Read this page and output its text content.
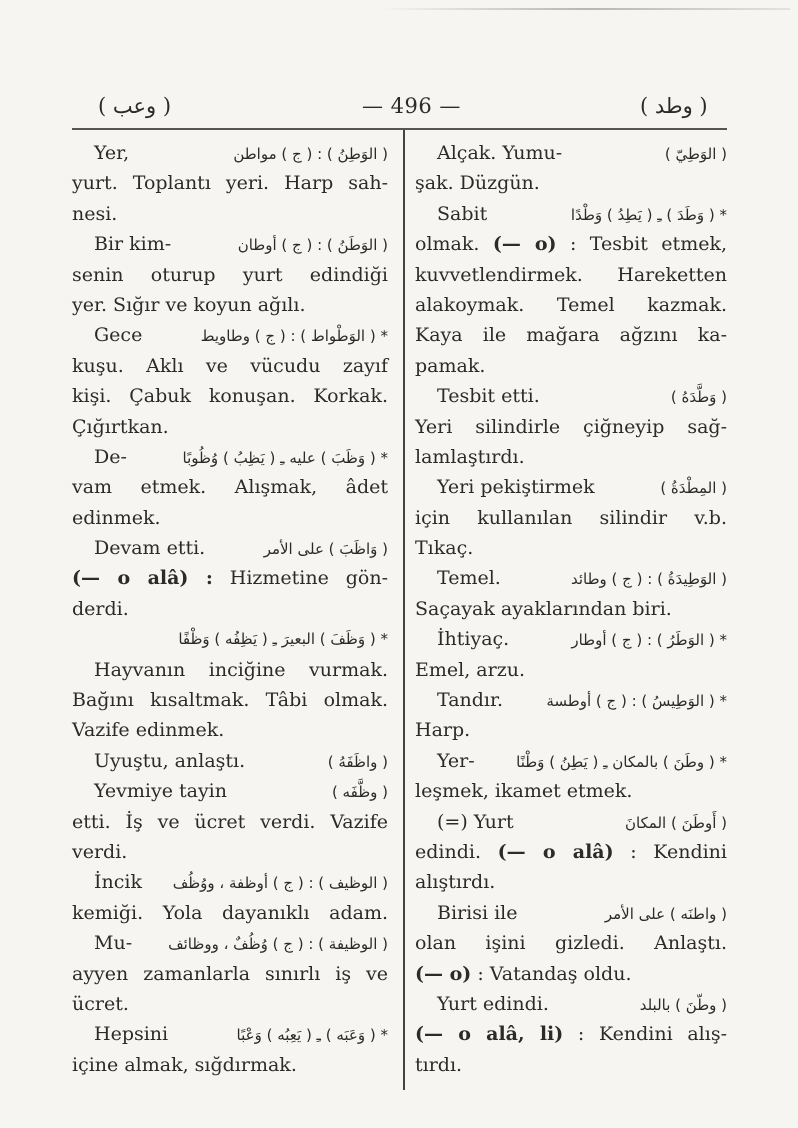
( وعب )	— 496 —	( وطد )
Yer,	( الوَطِنُ ) : ( ج ) مواطن
yurt. Toplantı yeri. Harp sah-
nesi.
Bir kim-	( الوَطَنُ ) : ( ج ) أوطان
senin oturup yurt edindiği
yer. Sığır ve koyun ağılı.
Gece	* ( الوَطْواط ) : ( ج ) وطاويط
kuşu. Aklı ve vücudu zayıf
kişi. Çabuk konuşan. Korkak.
Çığırtkan.
De-	* ( وَظَبَ ) عليه ـِ ( يَظِبُ ) وُظُوبًا
vam etmek. Alışmak, âdet
edinmek.
Devam etti.	( وَاظَبَ ) على الأمر
(— o alâ) : Hizmetine gön-
derdi.
* ( وَظَفَ ) البعيرَ ـِ ( يَظِفُه ) وَظْفًا
Hayvanın inciğine vurmak.
Bağını kısaltmak. Tâbi olmak.
Vazife edinmek.
Uyuştu, anlaştı.	( واظَفَهُ )
Yevmiye tayin	( وظَّفَه )
etti. İş ve ücret verdi. Vazife
verdi.
İncik ( الوظيف ) : ( ج ) أوظفة ، ووُظُف
kemiği. Yola dayanıklı adam.
Mu- ( الوظيفة ) : ( ج ) وُظُفٌ ، ووظائف
ayyen zamanlarla sınırlı iş ve
ücret.
Hepsini	* ( وَعَبَه ) ـِ ( يَعِبُه ) وَعْبًا
içine almak, sığdırmak.
Alçak. Yumu-	( الوَطِيّ )
şak. Düzgün.
Sabit	* ( وَطَدَ ) ـِ ( يَطِدُ ) وَطْدًا
olmak. (— o) : Tesbit etmek,
kuvvetlendirmek. Hareketten
alakoymak. Temel kazmak.
Kaya ile mağara ağzını ka-
pamak.
Tesbit etti.	( وَطَّدَهُ )
Yeri silindirle çiğneyip sağ-
lamlaştırdı.
Yeri pekiştirmek	( المِطْدَةُ )
için kullanılan silindir v.b.
Tıkaç.
Temel.	( الوَطِيدَةُ ) : ( ج ) وطائد
Saçayak ayaklarından biri.
İhtiyaç.	* ( الوَطَرُ ) : ( ج ) أوطار
Emel, arzu.
Tandır.	* ( الوَطِيسُ ) : ( ج ) أوطسة
Harp.
Yer-	* ( وطَنَ ) بالمكان ـِ ( يَطِنُ ) وَطْنًا
leşmek, ikamet etmek.
(=) Yurt	( أَوطَنَ ) المكانَ
edindi. (— o alâ) : Kendini
alıştırdı.
Birisi ile	( واطنَه ) على الأمر
olan işini gizledi. Anlaştı.
(— o) : Vatandaş oldu.
Yurt edindi.	( وطّنَ ) بالبلد
(— o alâ, li) : Kendini alış-
tırdı.
